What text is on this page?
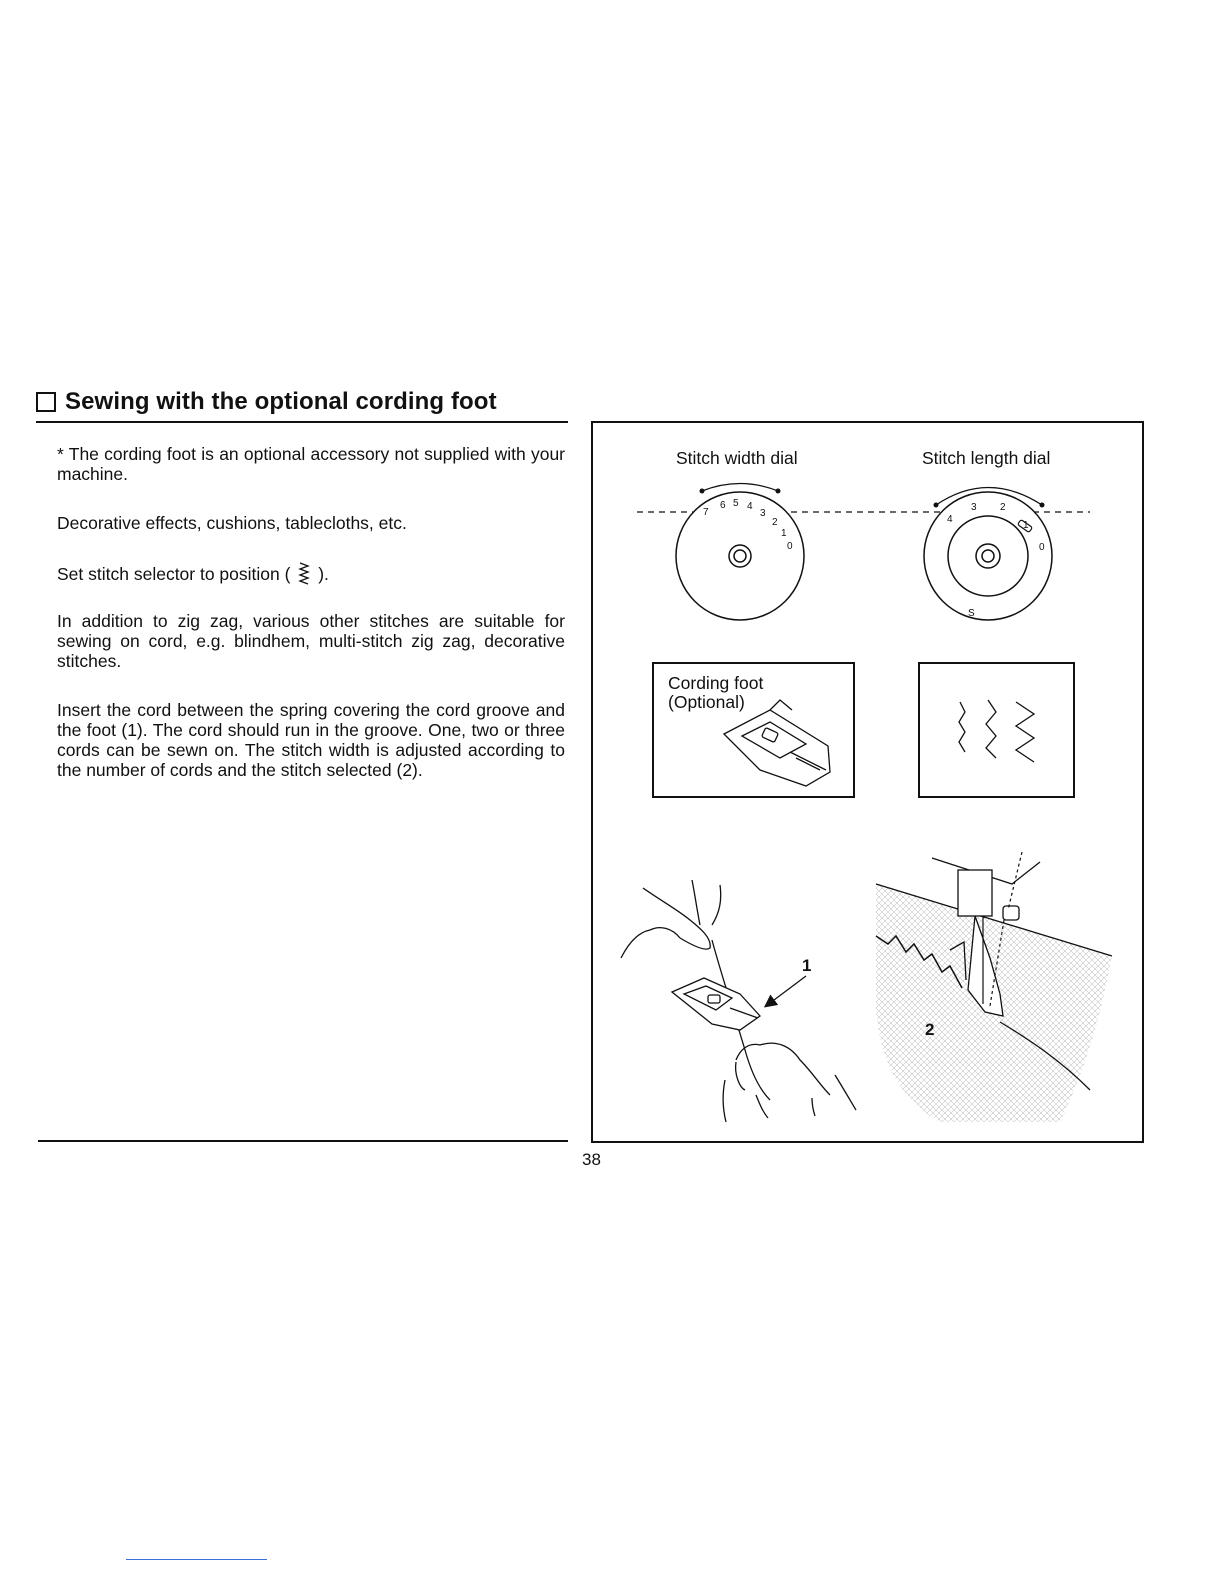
Sewing with the optional cording foot
* The cording foot is an optional accessory not supplied with your machine.
Decorative effects, cushions, tablecloths, etc.
Set stitch selector to position ( ).
In addition to zig zag, various other stitches are suitable for sewing on cord, e.g. blindhem, multi-stitch zig zag, decorative stitches.
Insert the cord between the spring covering the cord groove and the foot (1). The cord should run in the groove. One, two or three cords can be sewn on. The stitch width is adjusted according to the number of cords and the stitch selected (2).
38
Stitch width dial	Stitch length dial
Cording foot
(Optional)
7
6 5 4
3
2
1
0
4
3 2
1
0
S
1
2
